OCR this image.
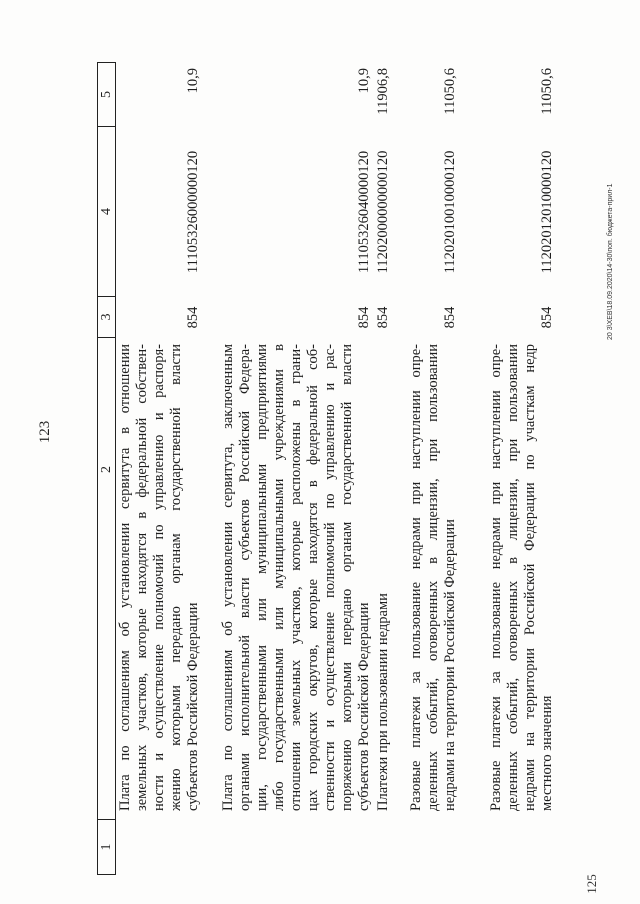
123
1
2
3
4
5
Плата по соглашениям об установлении сервитута в отношении земельных участков, которые находятся в федеральной собствен- ности и осуществление полномочий по управлению и распоря- жению которыми передано органам государственной власти субъектов Российской Федерации
854
11105326000000120
10,9
Плата по соглашениям об установлении сервитута, заключенным органами исполнительной власти субъектов Российской Федера- ции, государственными или муниципальными предприятиями либо государственными или муниципальными учреждениями в отношении земельных участков, которые расположены в грани- цах городских округов, которые находятся в федеральной соб- ственности и осуществление полномочий по управлению и рас- поряжению которыми передано органам государственной власти субъектов Российской Федерации
854
11105326040000120
10,9
Платежи при пользовании недрами
854
11202000000000120
11906,8
Разовые платежи за пользование недрами при наступлении опре- деленных событий, оговоренных в лицензии, при пользовании недрами на территории Российской Федерации
854
11202010010000120
11050,6
Разовые платежи за пользование недрами при наступлении опре- деленных событий, оговоренных в лицензии, при пользовании недрами на территории Российской Федерации по участкам недр местного значения
854
11202012010000120
11050,6
20 3\ХЕВ\18.09.2020\14-30\поп. бюджета-прил-1
125
